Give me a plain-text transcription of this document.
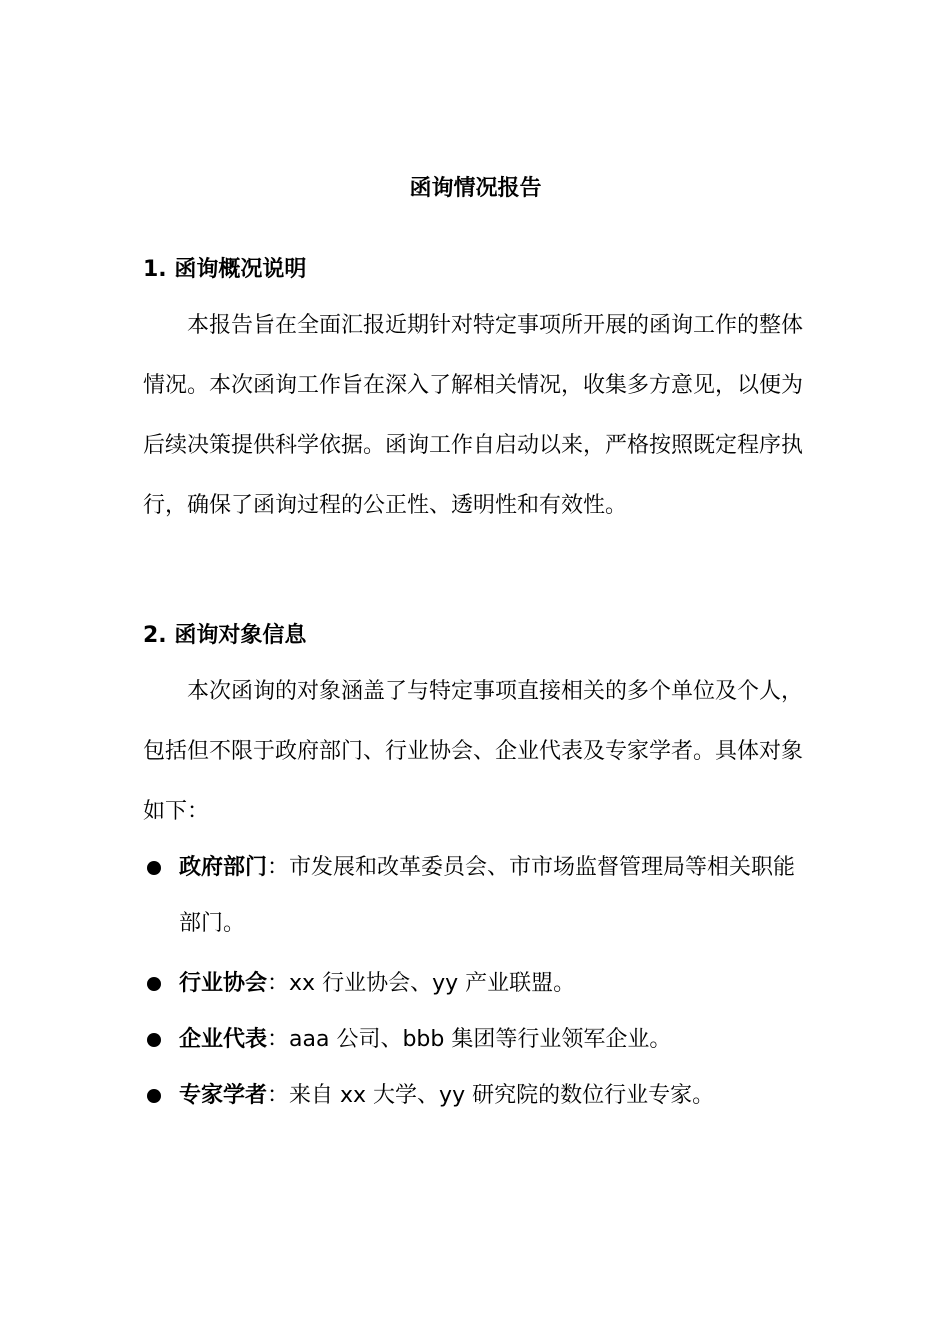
函询情况报告
1. 函询概况说明

本报告旨在全面汇报近期针对特定事项所开展的函询工作的整体情况。本次函询工作旨在深入了解相关情况，收集多方意见，以便为后续决策提供科学依据。函询工作自启动以来，严格按照既定程序执行，确保了函询过程的公正性、透明性和有效性。

2. 函询对象信息

本次函询的对象涵盖了与特定事项直接相关的多个单位及个人，包括但不限于政府部门、行业协会、企业代表及专家学者。具体对象如下：

政府部门：市发展和改革委员会、市市场监督管理局等相关职能部门。
行业协会：xx 行业协会、yy 产业联盟。
企业代表：aaa 公司、bbb 集团等行业领军企业。
专家学者：来自 xx 大学、yy 研究院的数位行业专家。
